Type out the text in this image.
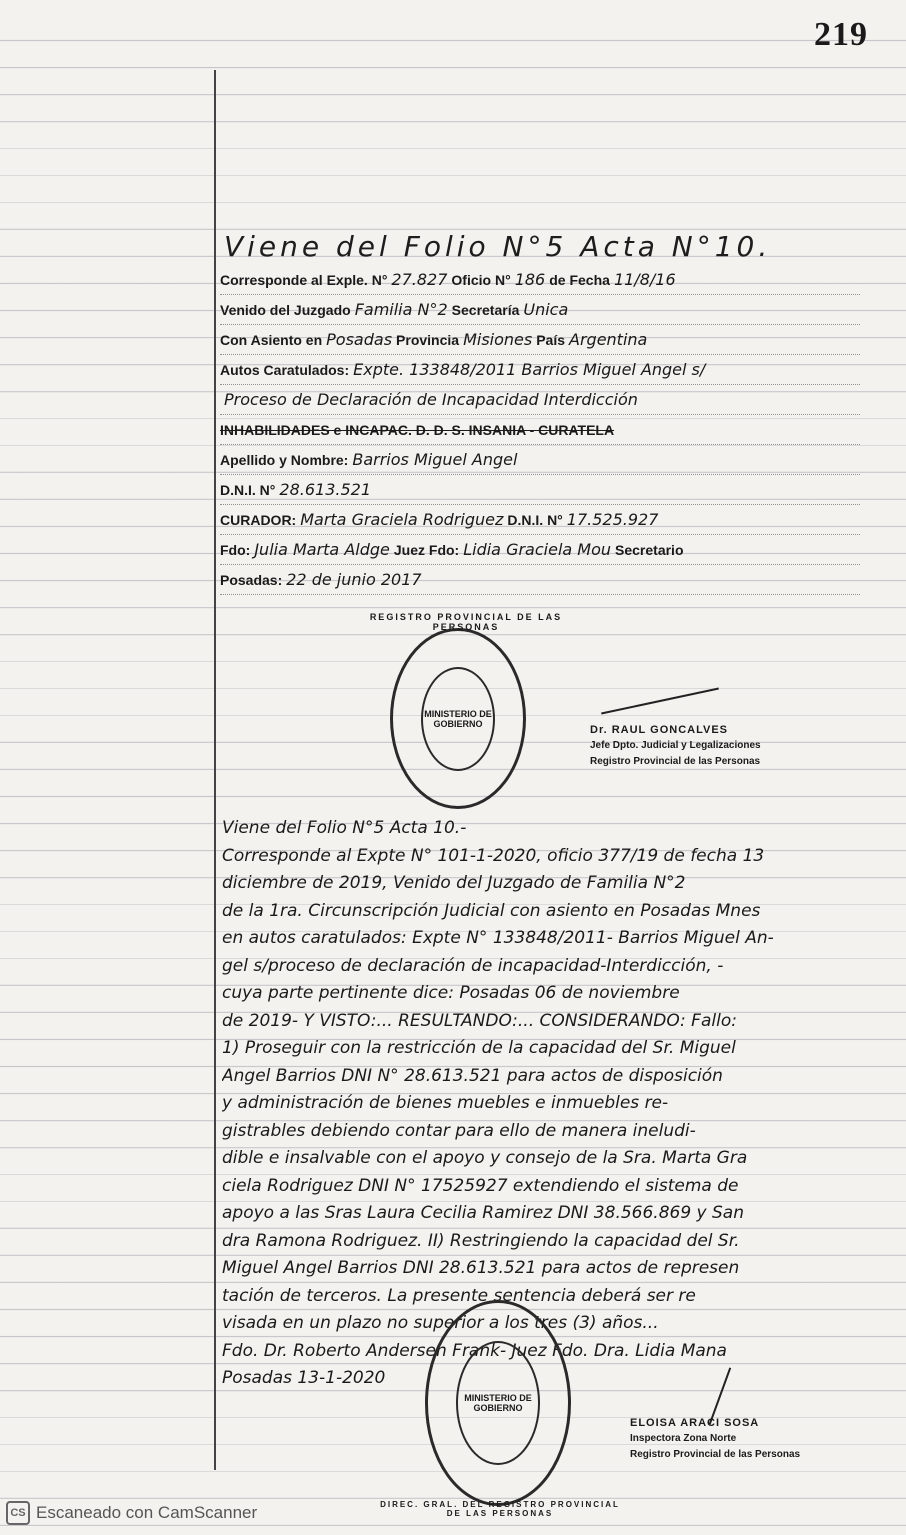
219
Viene del Folio N°5 Acta N°10.
Corresponde al Exple. N° 27.827 Oficio N° 186 de Fecha 11/8/16
Venido del Juzgado Familia N°2 Secretaría Unica
Con Asiento en Posadas Provincia Misiones País Argentina
Autos Caratulados: Expte. 133848/2011 Barrios Miguel Angel s/
Proceso de Declaración de Incapacidad Interdicción
INHABILIDADES e INCAPAC. D. D. S. INSANIA - CURATELA
Apellido y Nombre: Barrios Miguel Angel
D.N.I. N° 28.613.521
CURADOR: Marta Graciela Rodriguez D.N.I. N° 17.525.927
Fdo: Julia Marta Aldge Juez Fdo: Lidia Graciela Mou Secretario
Posadas: 22 de junio 2017
MINISTERIO DE GOBIERNO
REGISTRO PROVINCIAL DE LAS PERSONAS
Dr. RAUL GONCALVES
Jefe Dpto. Judicial y Legalizaciones
Registro Provincial de las Personas
Viene del Folio N°5 Acta 10.-
Corresponde al Expte N° 101-1-2020, oficio 377/19 de fecha 13
diciembre de 2019, Venido del Juzgado de Familia N°2
de la 1ra. Circunscripción Judicial con asiento en Posadas Mnes
en autos caratulados: Expte N° 133848/2011- Barrios Miguel An-
gel s/proceso de declaración de incapacidad-Interdicción, -
cuya parte pertinente dice: Posadas 06 de noviembre
de 2019- Y VISTO:... RESULTANDO:... CONSIDERANDO: Fallo:
1) Proseguir con la restricción de la capacidad del Sr. Miguel
Angel Barrios DNI N° 28.613.521 para actos de disposición
y administración de bienes muebles e inmuebles re-
gistrables debiendo contar para ello de manera ineludi-
dible e insalvable con el apoyo y consejo de la Sra. Marta Gra
ciela Rodriguez DNI N° 17525927 extendiendo el sistema de
apoyo a las Sras Laura Cecilia Ramirez DNI 38.566.869 y San
dra Ramona Rodriguez. II) Restringiendo la capacidad del Sr.
Miguel Angel Barrios DNI 28.613.521 para actos de represen
tación de terceros. La presente sentencia deberá ser re
visada en un plazo no superior a los tres (3) años...
Fdo. Dr. Roberto Andersen Frank- Juez Fdo. Dra. Lidia Mana
Posadas 13-1-2020
MINISTERIO DE GOBIERNO
DIREC. GRAL. DEL REGISTRO PROVINCIAL DE LAS PERSONAS
ELOISA ARACI SOSA
Inspectora Zona Norte
Registro Provincial de las Personas
CS Escaneado con CamScanner
